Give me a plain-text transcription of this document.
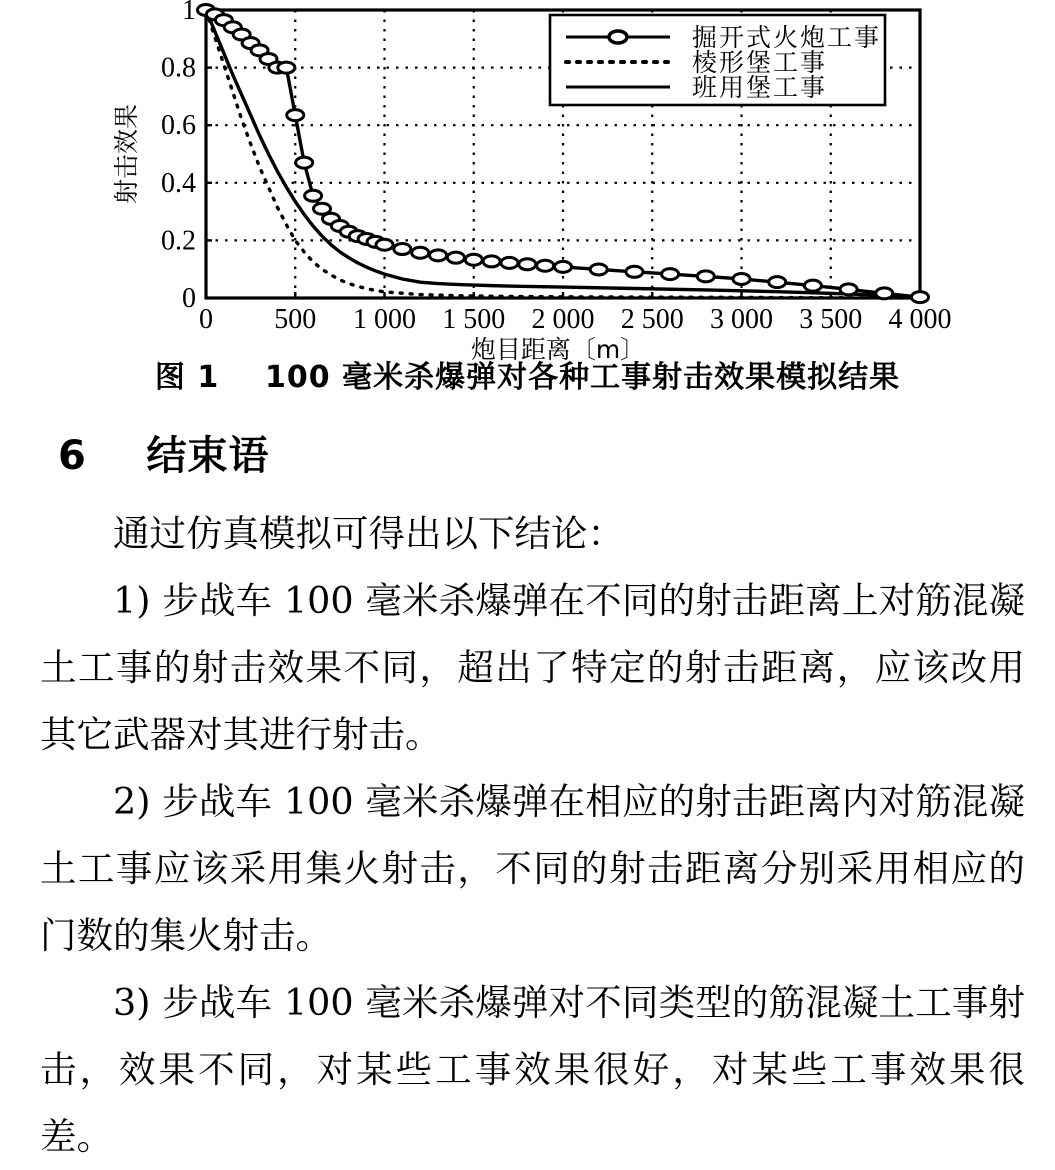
0 500 1 000 1 500 2 000 2 500 3 000 3 500 4 000
0
0.2
0.4
0.6
0.8
1
炮目距离〔m〕
射击效果
掘开式火炮工事
棱形堡工事
班用堡工事
图 1    100 毫米杀爆弹对各种工事射击效果模拟结果
6 结束语

通过仿真模拟可得出以下结论：

1) 步战车 100 毫米杀爆弹在不同的射击距离上对筋混凝土工事的射击效果不同，超出了特定的射击距离，应该改用其它武器对其进行射击。

2) 步战车 100 毫米杀爆弹在相应的射击距离内对筋混凝土工事应该采用集火射击，不同的射击距离分别采用相应的门数的集火射击。

3) 步战车 100 毫米杀爆弹对不同类型的筋混凝土工事射击，效果不同，对某些工事效果很好，对某些工事效果很差。
